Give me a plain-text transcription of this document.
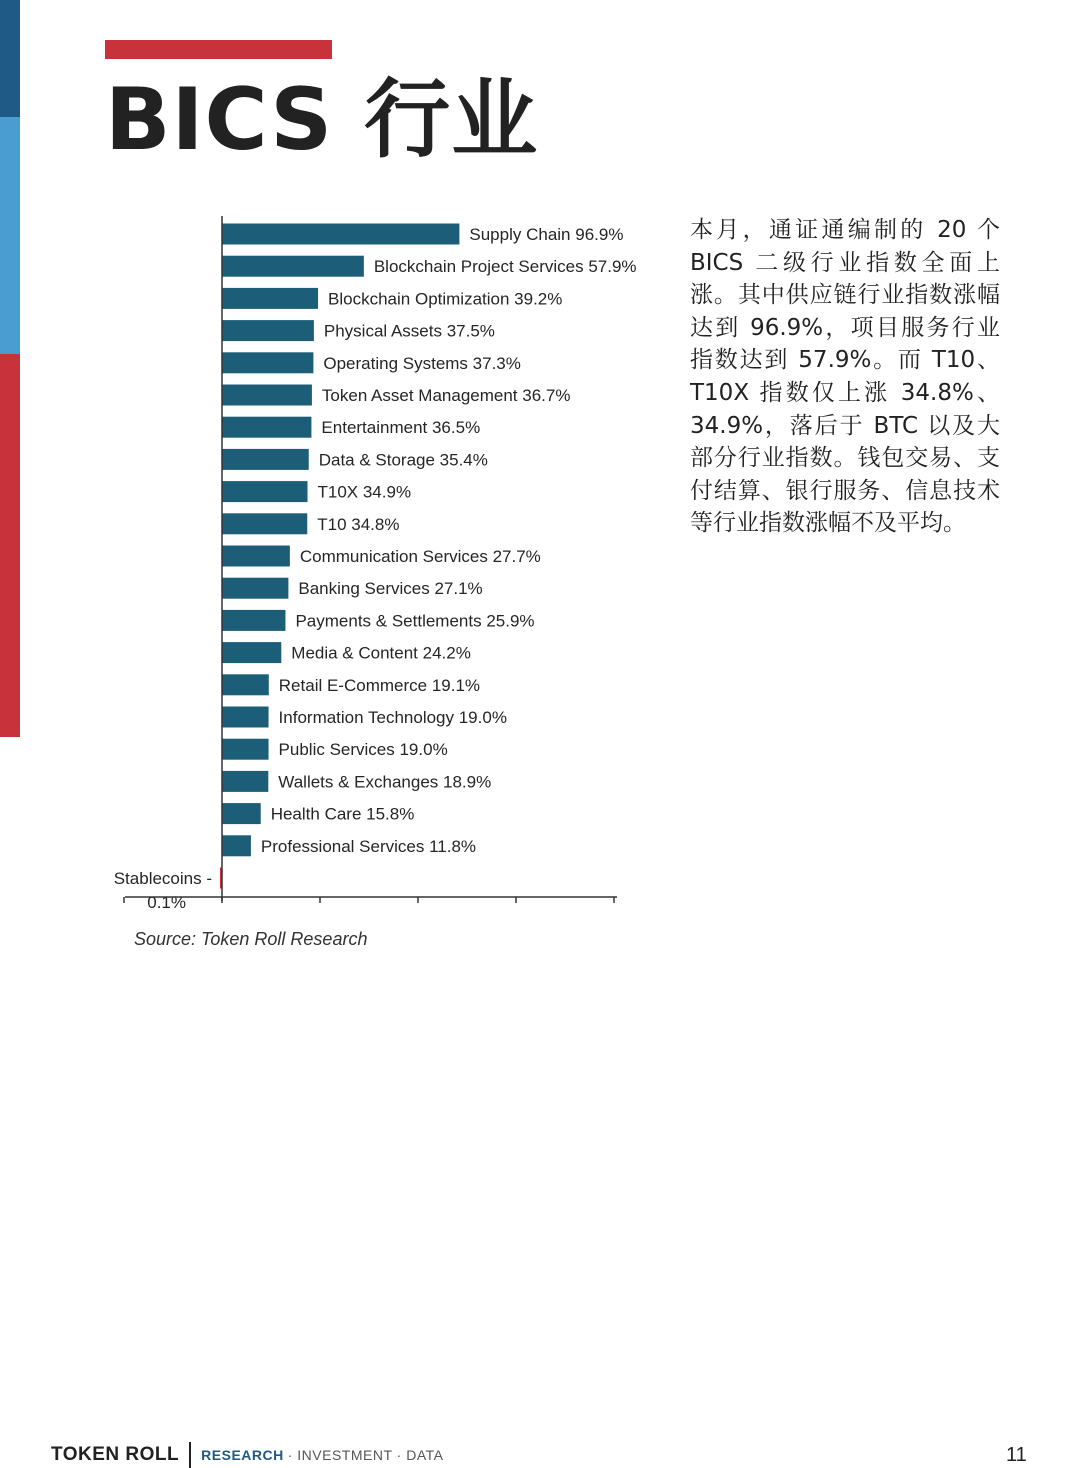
BICS 行业
Supply Chain 96.9%
Blockchain Project Services 57.9%
Blockchain Optimization 39.2%
Physical Assets 37.5%
Operating Systems 37.3%
Token Asset Management 36.7%
Entertainment 36.5%
Data & Storage 35.4%
T10X 34.9%
T10 34.8%
Communication Services 27.7%
Banking Services 27.1%
Payments & Settlements 25.9%
Media & Content 24.2%
Retail E-Commerce 19.1%
Information Technology 19.0%
Public Services 19.0%
Wallets & Exchanges 18.9%
Health Care 15.8%
Professional Services 11.8%
Stablecoins -
0.1%
Source: Token Roll Research

本月，通证通编制的 20 个 BICS 二级行业指数全面上涨。其中供应链行业指数涨幅达到 96.9%，项目服务行业指数达到 57.9%。而 T10、T10X 指数仅上涨 34.8%、34.9%，落后于 BTC 以及大部分行业指数。钱包交易、支付结算、银行服务、信息技术等行业指数涨幅不及平均。

TOKEN ROLL RESEARCH · INVESTMENT · DATA	11
